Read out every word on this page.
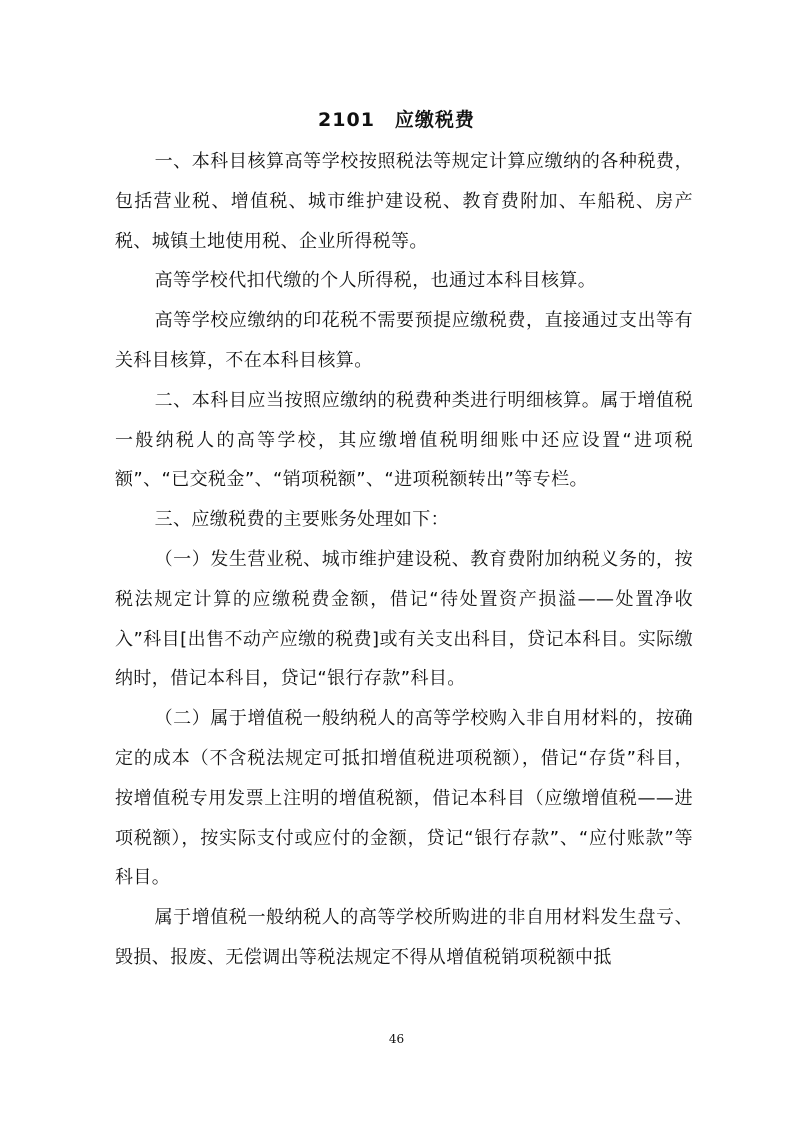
2101　应缴税费

一、本科目核算高等学校按照税法等规定计算应缴纳的各种税费，包括营业税、增值税、城市维护建设税、教育费附加、车船税、房产税、城镇土地使用税、企业所得税等。

高等学校代扣代缴的个人所得税，也通过本科目核算。

高等学校应缴纳的印花税不需要预提应缴税费，直接通过支出等有关科目核算，不在本科目核算。

二、本科目应当按照应缴纳的税费种类进行明细核算。属于增值税一般纳税人的高等学校，其应缴增值税明细账中还应设置“进项税额”、“已交税金”、“销项税额”、“进项税额转出”等专栏。

三、应缴税费的主要账务处理如下：

（一）发生营业税、城市维护建设税、教育费附加纳税义务的，按税法规定计算的应缴税费金额，借记“待处置资产损溢——处置净收入”科目[出售不动产应缴的税费]或有关支出科目，贷记本科目。实际缴纳时，借记本科目，贷记“银行存款”科目。

（二）属于增值税一般纳税人的高等学校购入非自用材料的，按确定的成本（不含税法规定可抵扣增值税进项税额），借记“存货”科目，按增值税专用发票上注明的增值税额，借记本科目（应缴增值税——进项税额），按实际支付或应付的金额，贷记“银行存款”、“应付账款”等科目。

属于增值税一般纳税人的高等学校所购进的非自用材料发生盘亏、毁损、报废、无偿调出等税法规定不得从增值税销项税额中抵

46
